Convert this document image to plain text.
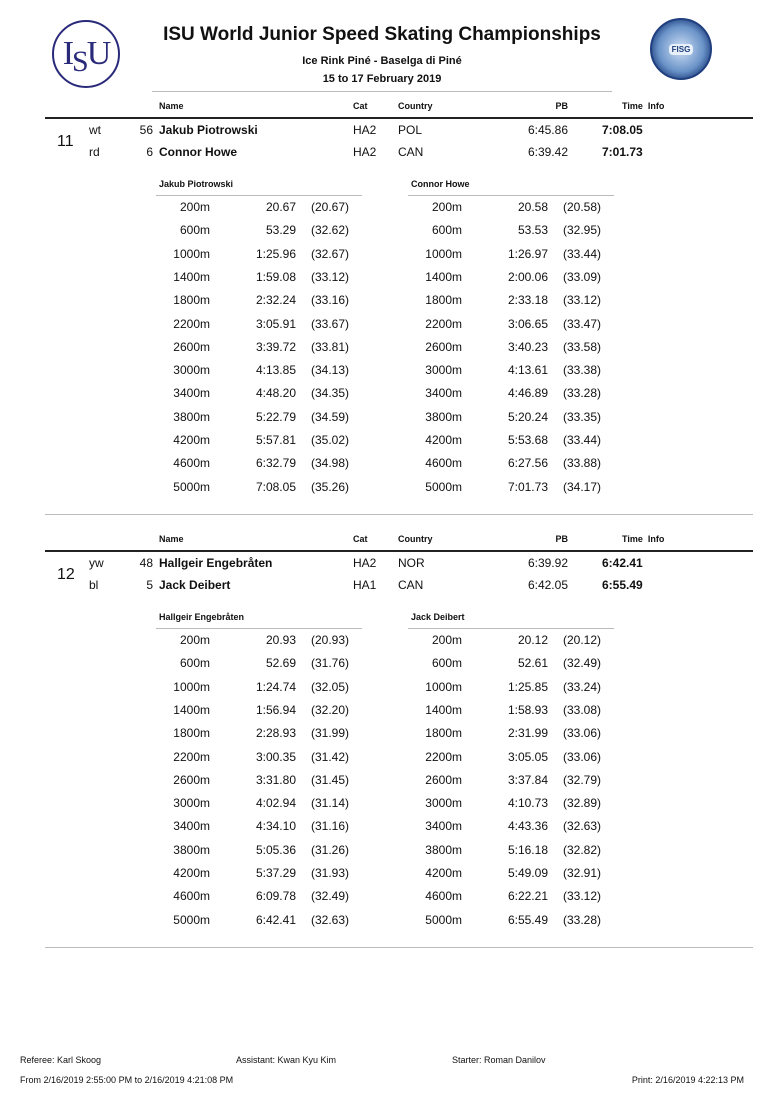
I S U	FISG
ISU World Junior Speed Skating Championships
Ice Rink Piné - Baselga di Piné
15 to 17 February 2019
Name	Cat	Country	PB	Time  Info
11
wt	56 Jakub Piotrowski	HA2 POL	6:45.86	7:08.05
rd	6 Connor Howe	HA2 CAN	6:39.42	7:01.73
Jakub Piotrowski
200m	20.67 (20.67)
600m	53.29 (32.62)
1000m	1:25.96 (32.67)
1400m	1:59.08 (33.12)
1800m	2:32.24 (33.16)
2200m	3:05.91 (33.67)
2600m	3:39.72 (33.81)
3000m	4:13.85 (34.13)
3400m	4:48.20 (34.35)
3800m	5:22.79 (34.59)
4200m	5:57.81 (35.02)
4600m	6:32.79 (34.98)
5000m	7:08.05 (35.26)
Connor Howe
200m	20.58 (20.58)
600m	53.53 (32.95)
1000m	1:26.97 (33.44)
1400m	2:00.06 (33.09)
1800m	2:33.18 (33.12)
2200m	3:06.65 (33.47)
2600m	3:40.23 (33.58)
3000m	4:13.61 (33.38)
3400m	4:46.89 (33.28)
3800m	5:20.24 (33.35)
4200m	5:53.68 (33.44)
4600m	6:27.56 (33.88)
5000m	7:01.73 (34.17)
Name	Cat	Country	PB	Time  Info
12
yw	48 Hallgeir Engebråten	HA2 NOR	6:39.92	6:42.41
bl	5 Jack Deibert	HA1 CAN	6:42.05	6:55.49
Hallgeir Engebråten
200m	20.93 (20.93)
600m	52.69 (31.76)
1000m	1:24.74 (32.05)
1400m	1:56.94 (32.20)
1800m	2:28.93 (31.99)
2200m	3:00.35 (31.42)
2600m	3:31.80 (31.45)
3000m	4:02.94 (31.14)
3400m	4:34.10 (31.16)
3800m	5:05.36 (31.26)
4200m	5:37.29 (31.93)
4600m	6:09.78 (32.49)
5000m	6:42.41 (32.63)
Jack Deibert
200m	20.12 (20.12)
600m	52.61 (32.49)
1000m	1:25.85 (33.24)
1400m	1:58.93 (33.08)
1800m	2:31.99 (33.06)
2200m	3:05.05 (33.06)
2600m	3:37.84 (32.79)
3000m	4:10.73 (32.89)
3400m	4:43.36 (32.63)
3800m	5:16.18 (32.82)
4200m	5:49.09 (32.91)
4600m	6:22.21 (33.12)
5000m	6:55.49 (33.28)
Referee: Karl Skoog	Assistant: Kwan Kyu Kim	Starter: Roman Danilov
From 2/16/2019 2:55:00 PM to 2/16/2019 4:21:08 PM	Print: 2/16/2019 4:22:13 PM
